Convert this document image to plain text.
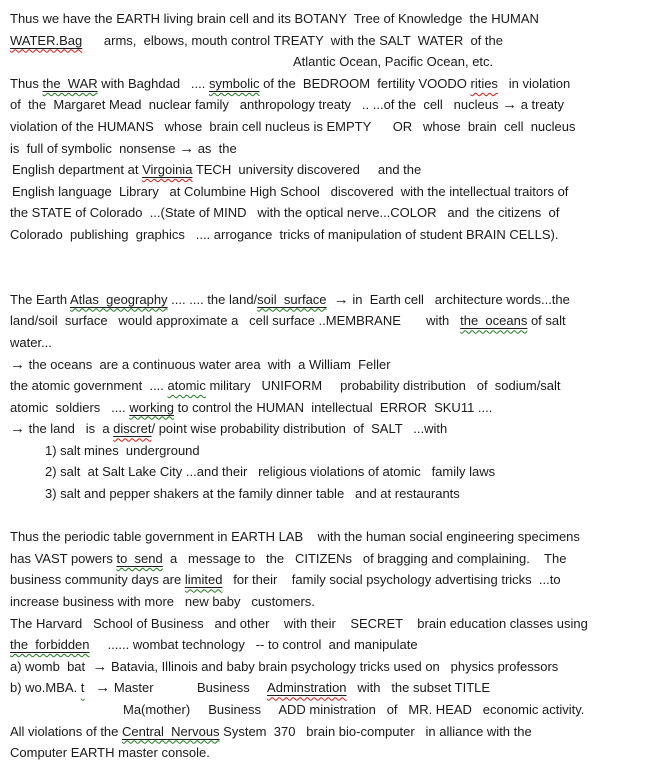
Thus we have the EARTH living brain cell and its BOTANY  Tree of Knowledge  the HUMAN
WATER.Bag      arms,  elbows, mouth control TREATY  with the SALT  WATER  of the
Atlantic Ocean, Pacific Ocean, etc.
Thus the  WAR with Baghdad   .... symbolic of the  BEDROOM  fertility VOODO rities   in violation
of  the  Margaret Mead  nuclear family   anthropology treaty   .. ...of the  cell   nucleus → a treaty
violation of the HUMANS   whose  brain cell nucleus is EMPTY      OR   whose  brain  cell  nucleus
is  full of symbolic  nonsense → as  the
English department at Virgoinia TECH  university discovered     and the
English language  Library   at Columbine High School   discovered  with the intellectual traitors of
the STATE of Colorado  ...(State of MIND   with the optical nerve...COLOR   and  the citizens  of
Colorado  publishing  graphics   .... arrogance  tricks of manipulation of student BRAIN CELLS).

The Earth Atlas  geography .... .... the land/soil  surface → in  Earth cell   architecture words...the
land/soil  surface   would approximate a   cell surface ..MEMBRANE       with   the  oceans of salt
water...
→ the oceans  are a continuous water area  with  a William  Feller
the atomic government  .... atomic military   UNIFORM     probability distribution   of  sodium/salt
atomic  soldiers   .... working to control the HUMAN  intellectual  ERROR  SKU11 ....
→ the land   is  a discret/ point wise probability distribution  of  SALT   ...with
1) salt mines  underground
2) salt  at Salt Lake City ...and their   religious violations of atomic   family laws
3) salt and pepper shakers at the family dinner table   and at restaurants

Thus the periodic table government in EARTH LAB    with the human social engineering specimens
has VAST powers to  send  a   message to   the   CITIZENs   of bragging and complaining.    The
business community days are limited   for their    family social psychology advertising tricks  ...to
increase business with more   new baby   customers.
The Harvard   School of Business   and other    with their    SECRET    brain education classes using
the  forbidden     ...... wombat technology   -- to control  and manipulate
a) womb  bat  → Batavia, Illinois and baby brain psychology tricks used on   physics professors
b) wo.MBA. t → Master            Business     Adminstration   with   the subset TITLE
Ma(mother)     Business     ADD ministration   of   MR. HEAD   economic activity.
All violations of the Central  Nervous System  370   brain bio-computer   in alliance with the
Computer EARTH master console.
